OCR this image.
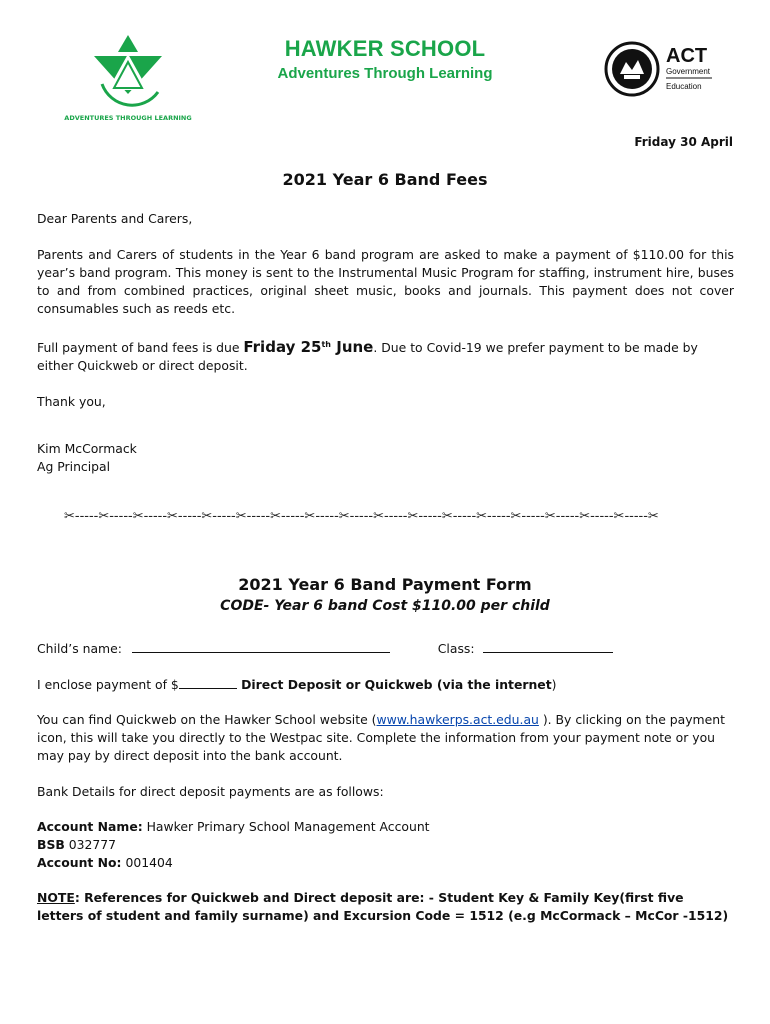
ADVENTURES THROUGH LEARNING
HAWKER SCHOOL
Adventures Through Learning
ACT
Government
Education
Friday 30 April
2021 Year 6 Band Fees
Dear Parents and Carers,
Parents and Carers of students in the Year 6 band program are asked to make a payment of $110.00 for this year’s band program. This money is sent to the Instrumental Music Program for staffing, instrument hire, buses to and from combined practices, original sheet music, books and journals. This payment does not cover consumables such as reeds etc.
Full payment of band fees is due Friday 25th June. Due to Covid-19 we prefer payment to be made by either Quickweb or direct deposit.
Thank you,
Kim McCormack
Ag Principal
✂-----✂-----✂-----✂-----✂-----✂-----✂-----✂-----✂-----✂-----✂-----✂-----✂-----✂-----✂-----✂-----✂-----✂
2021 Year 6 Band Payment Form
CODE- Year 6 band Cost $110.00 per child
Child’s name:	Class:
I enclose payment of $	Direct Deposit or Quickweb (via the internet)
You can find Quickweb on the Hawker School website (www.hawkerps.act.edu.au ). By clicking on the payment icon, this will take you directly to the Westpac site. Complete the information from your payment note or you may pay by direct deposit into the bank account.
Bank Details for direct deposit payments are as follows:
Account Name: Hawker Primary School Management Account
BSB 032777
Account No: 001404
NOTE: References for Quickweb and Direct deposit are: - Student Key & Family Key(first five letters of student and family surname) and Excursion Code = 1512 (e.g McCormack – McCor -1512)
